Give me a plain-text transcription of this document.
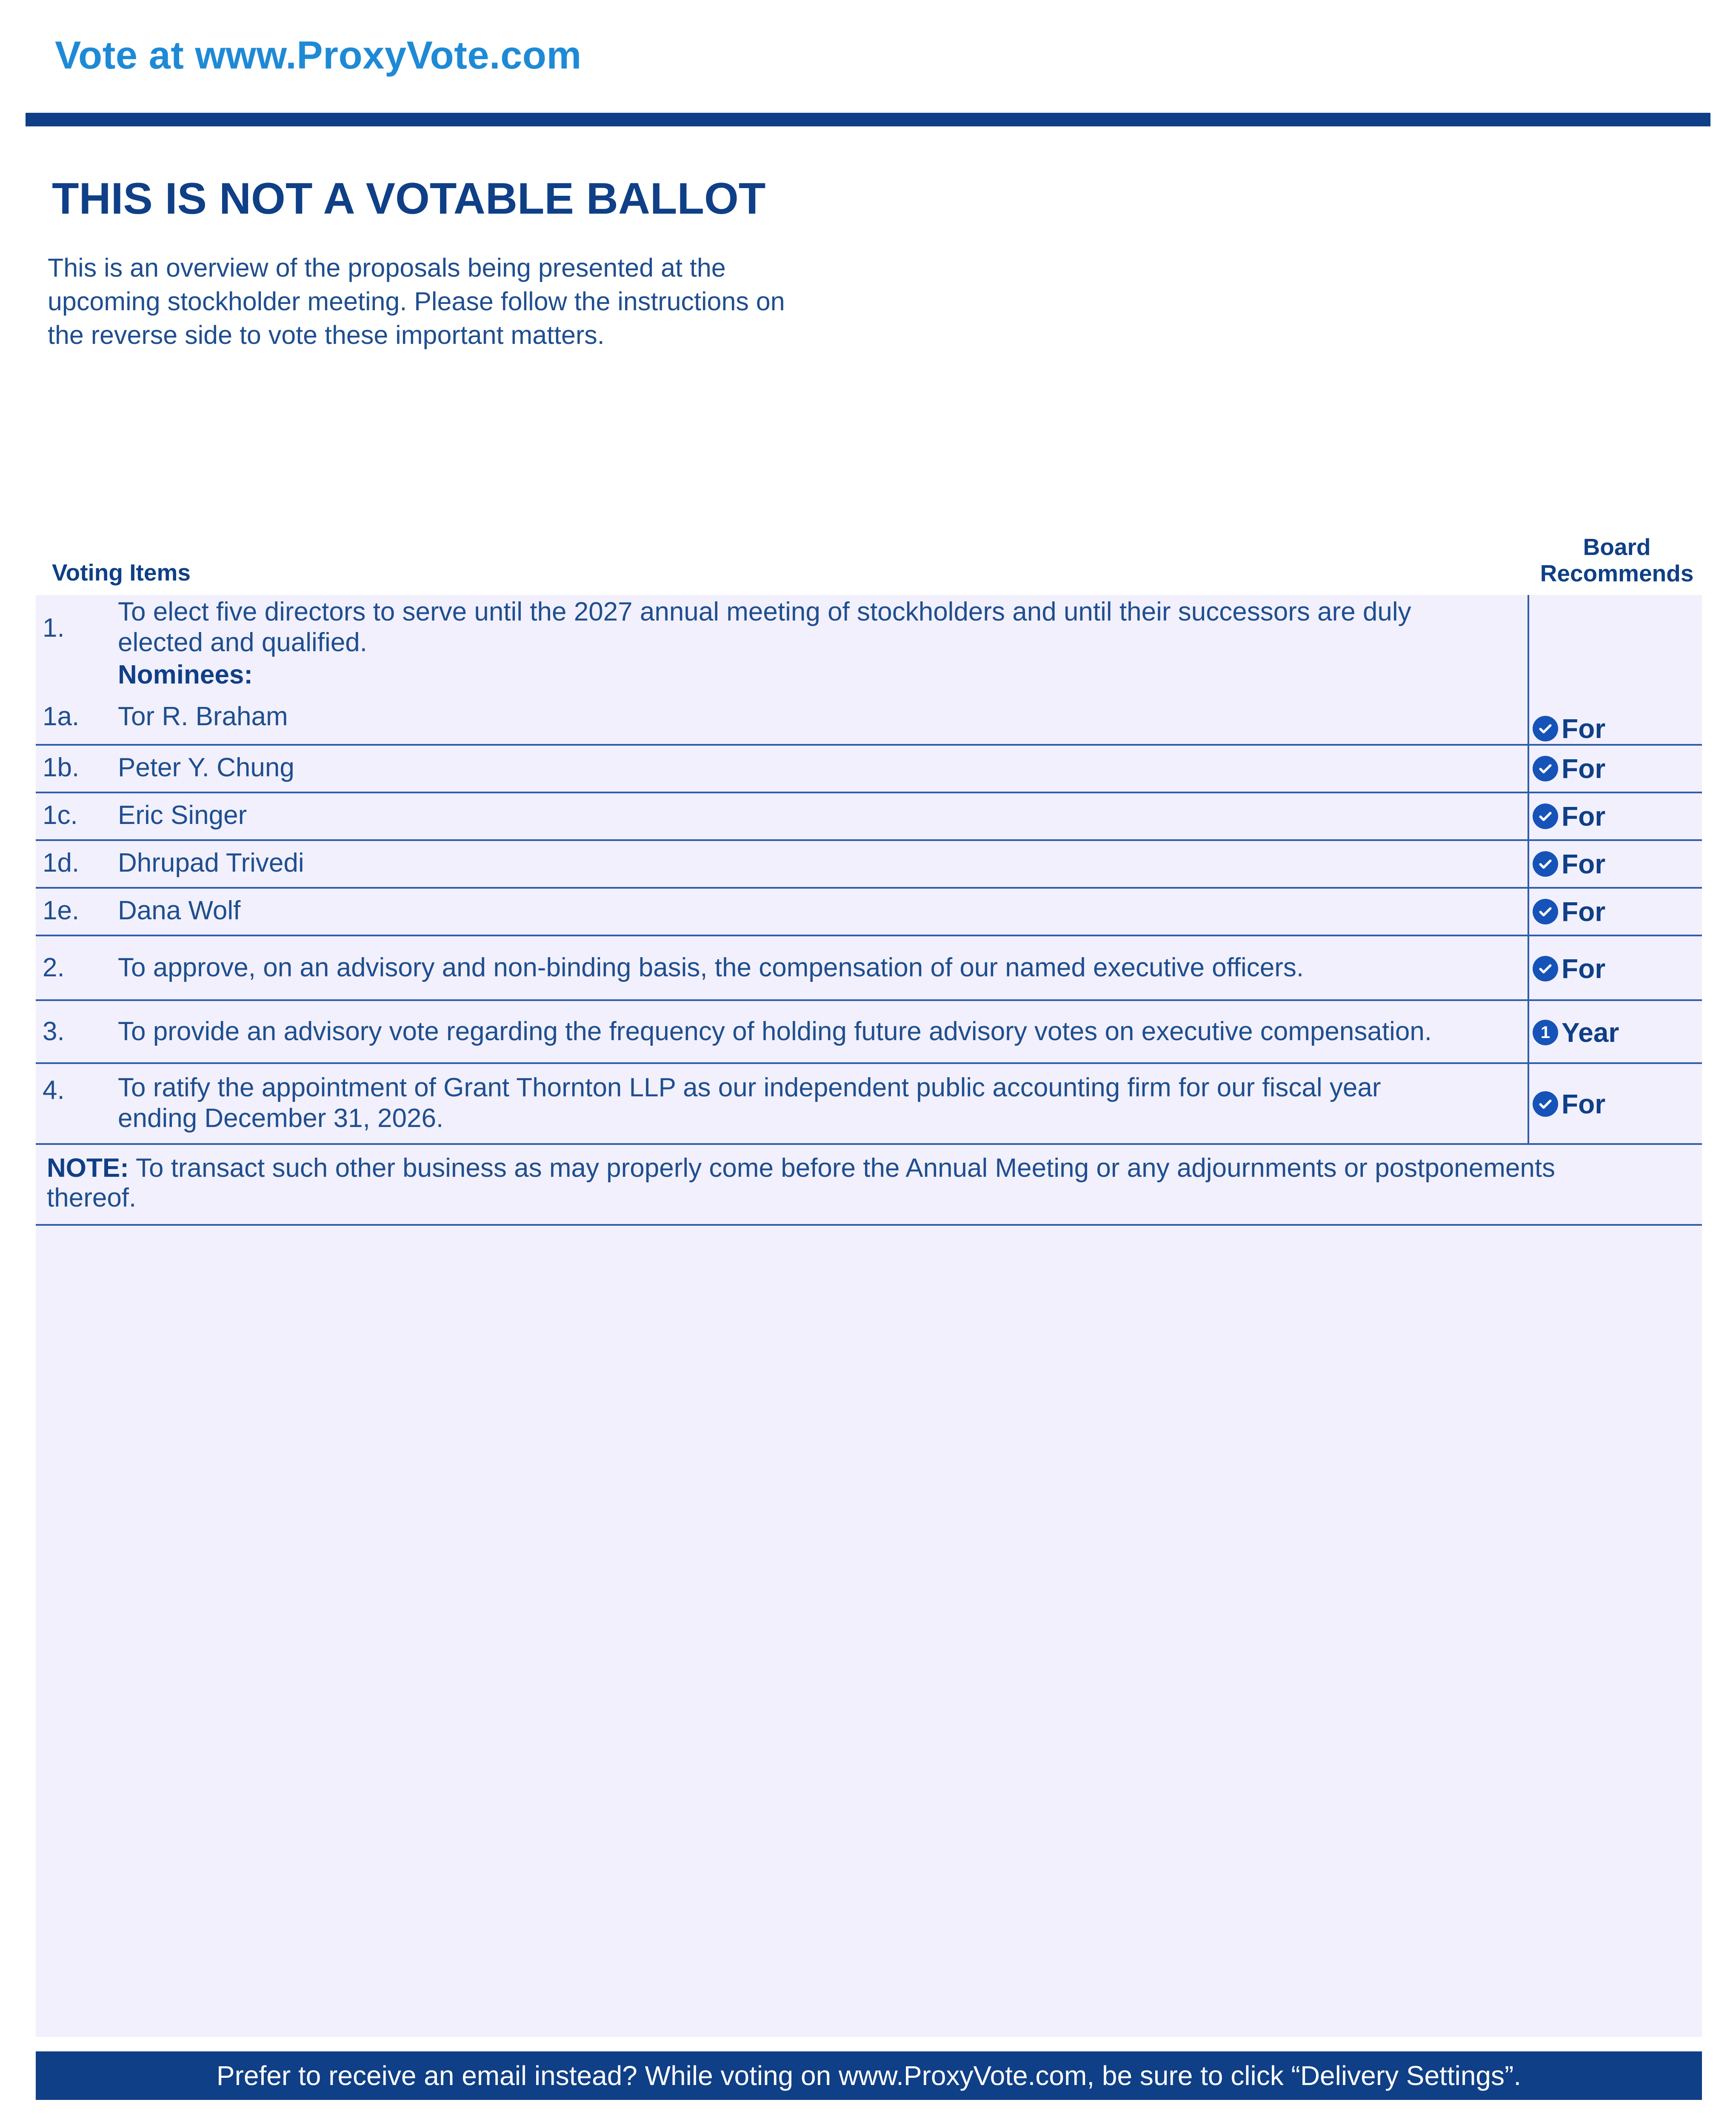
Vote at www.ProxyVote.com
THIS IS NOT A VOTABLE BALLOT
This is an overview of the proposals being presented at the
upcoming stockholder meeting. Please follow the instructions on
the reverse side to vote these important matters.
Voting Items
Board
Recommends
1.
To elect five directors to serve until the 2027 annual meeting of stockholders and until their successors are duly
elected and qualified.
Nominees:
1a. Tor R. Braham	For
1b. Peter Y. Chung	For
1c. Eric Singer	For
1d. Dhrupad Trivedi	For
1e. Dana Wolf	For
2. To approve, on an advisory and non-binding basis, the compensation of our named executive officers.	For
3. To provide an advisory vote regarding the frequency of holding future advisory votes on executive compensation.	1 Year
4. To ratify the appointment of Grant Thornton LLP as our independent public accounting firm for our fiscal year
ending December 31, 2026.	For
NOTE: To transact such other business as may properly come before the Annual Meeting or any adjournments or postponements
thereof.
Prefer to receive an email instead? While voting on www.ProxyVote.com, be sure to click “Delivery Settings”.
